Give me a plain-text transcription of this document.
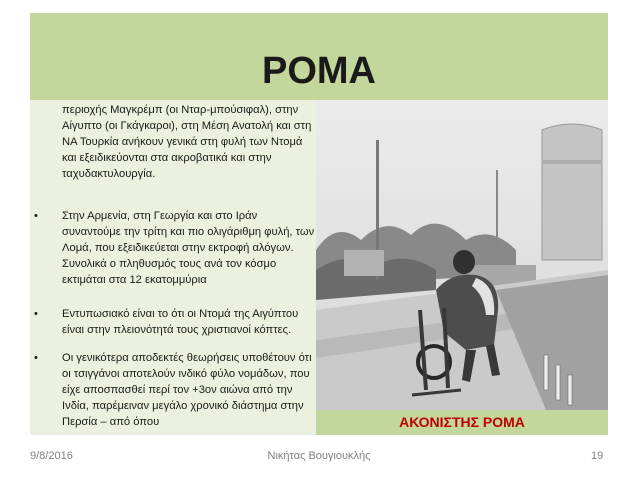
ΡΟΜΑ
περιοχής Μαγκρέμπ (οι Νταρ-μπούσιφαλ), στην Αίγυπτο (οι Γκάγκαροι), στη Μέση Ανατολή και στη ΝΑ Τουρκία ανήκουν γενικά στη φυλή των Ντομά και εξειδικεύονται στα ακροβατικά και στην ταχυδακτυλουργία.
•	Στην Αρμενία, στη Γεωργία και στο Ιράν συναντούμε την τρίτη και πιο ολιγάριθμη φυλή, των Λομά, που εξειδικεύεται στην εκτροφή αλόγων. Συνολικά ο πληθυσμός τους ανά τον κόσμο εκτιμάται στα 12 εκατομμύρια
•	Εντυπωσιακό είναι το ότι οι Ντομά της Αιγύπτου είναι στην πλειονότητά τους χριστιανοί κόπτες.
•	Οι γενικότερα αποδεκτές θεωρήσεις υποθέτουν ότι οι τσιγγάνοι αποτελούν ινδικό φύλο νομάδων, που είχε αποσπασθεί περί τον +3ον αιώνα από την Ινδία, παρέμειναν μεγάλο χρονικό διάστημα στην Περσία – από όπου	ΑΚΟΝΙΣΤΗΣ ΡΟΜΑ
9/8/2016	Νικήτας Βουγιουκλής	19
